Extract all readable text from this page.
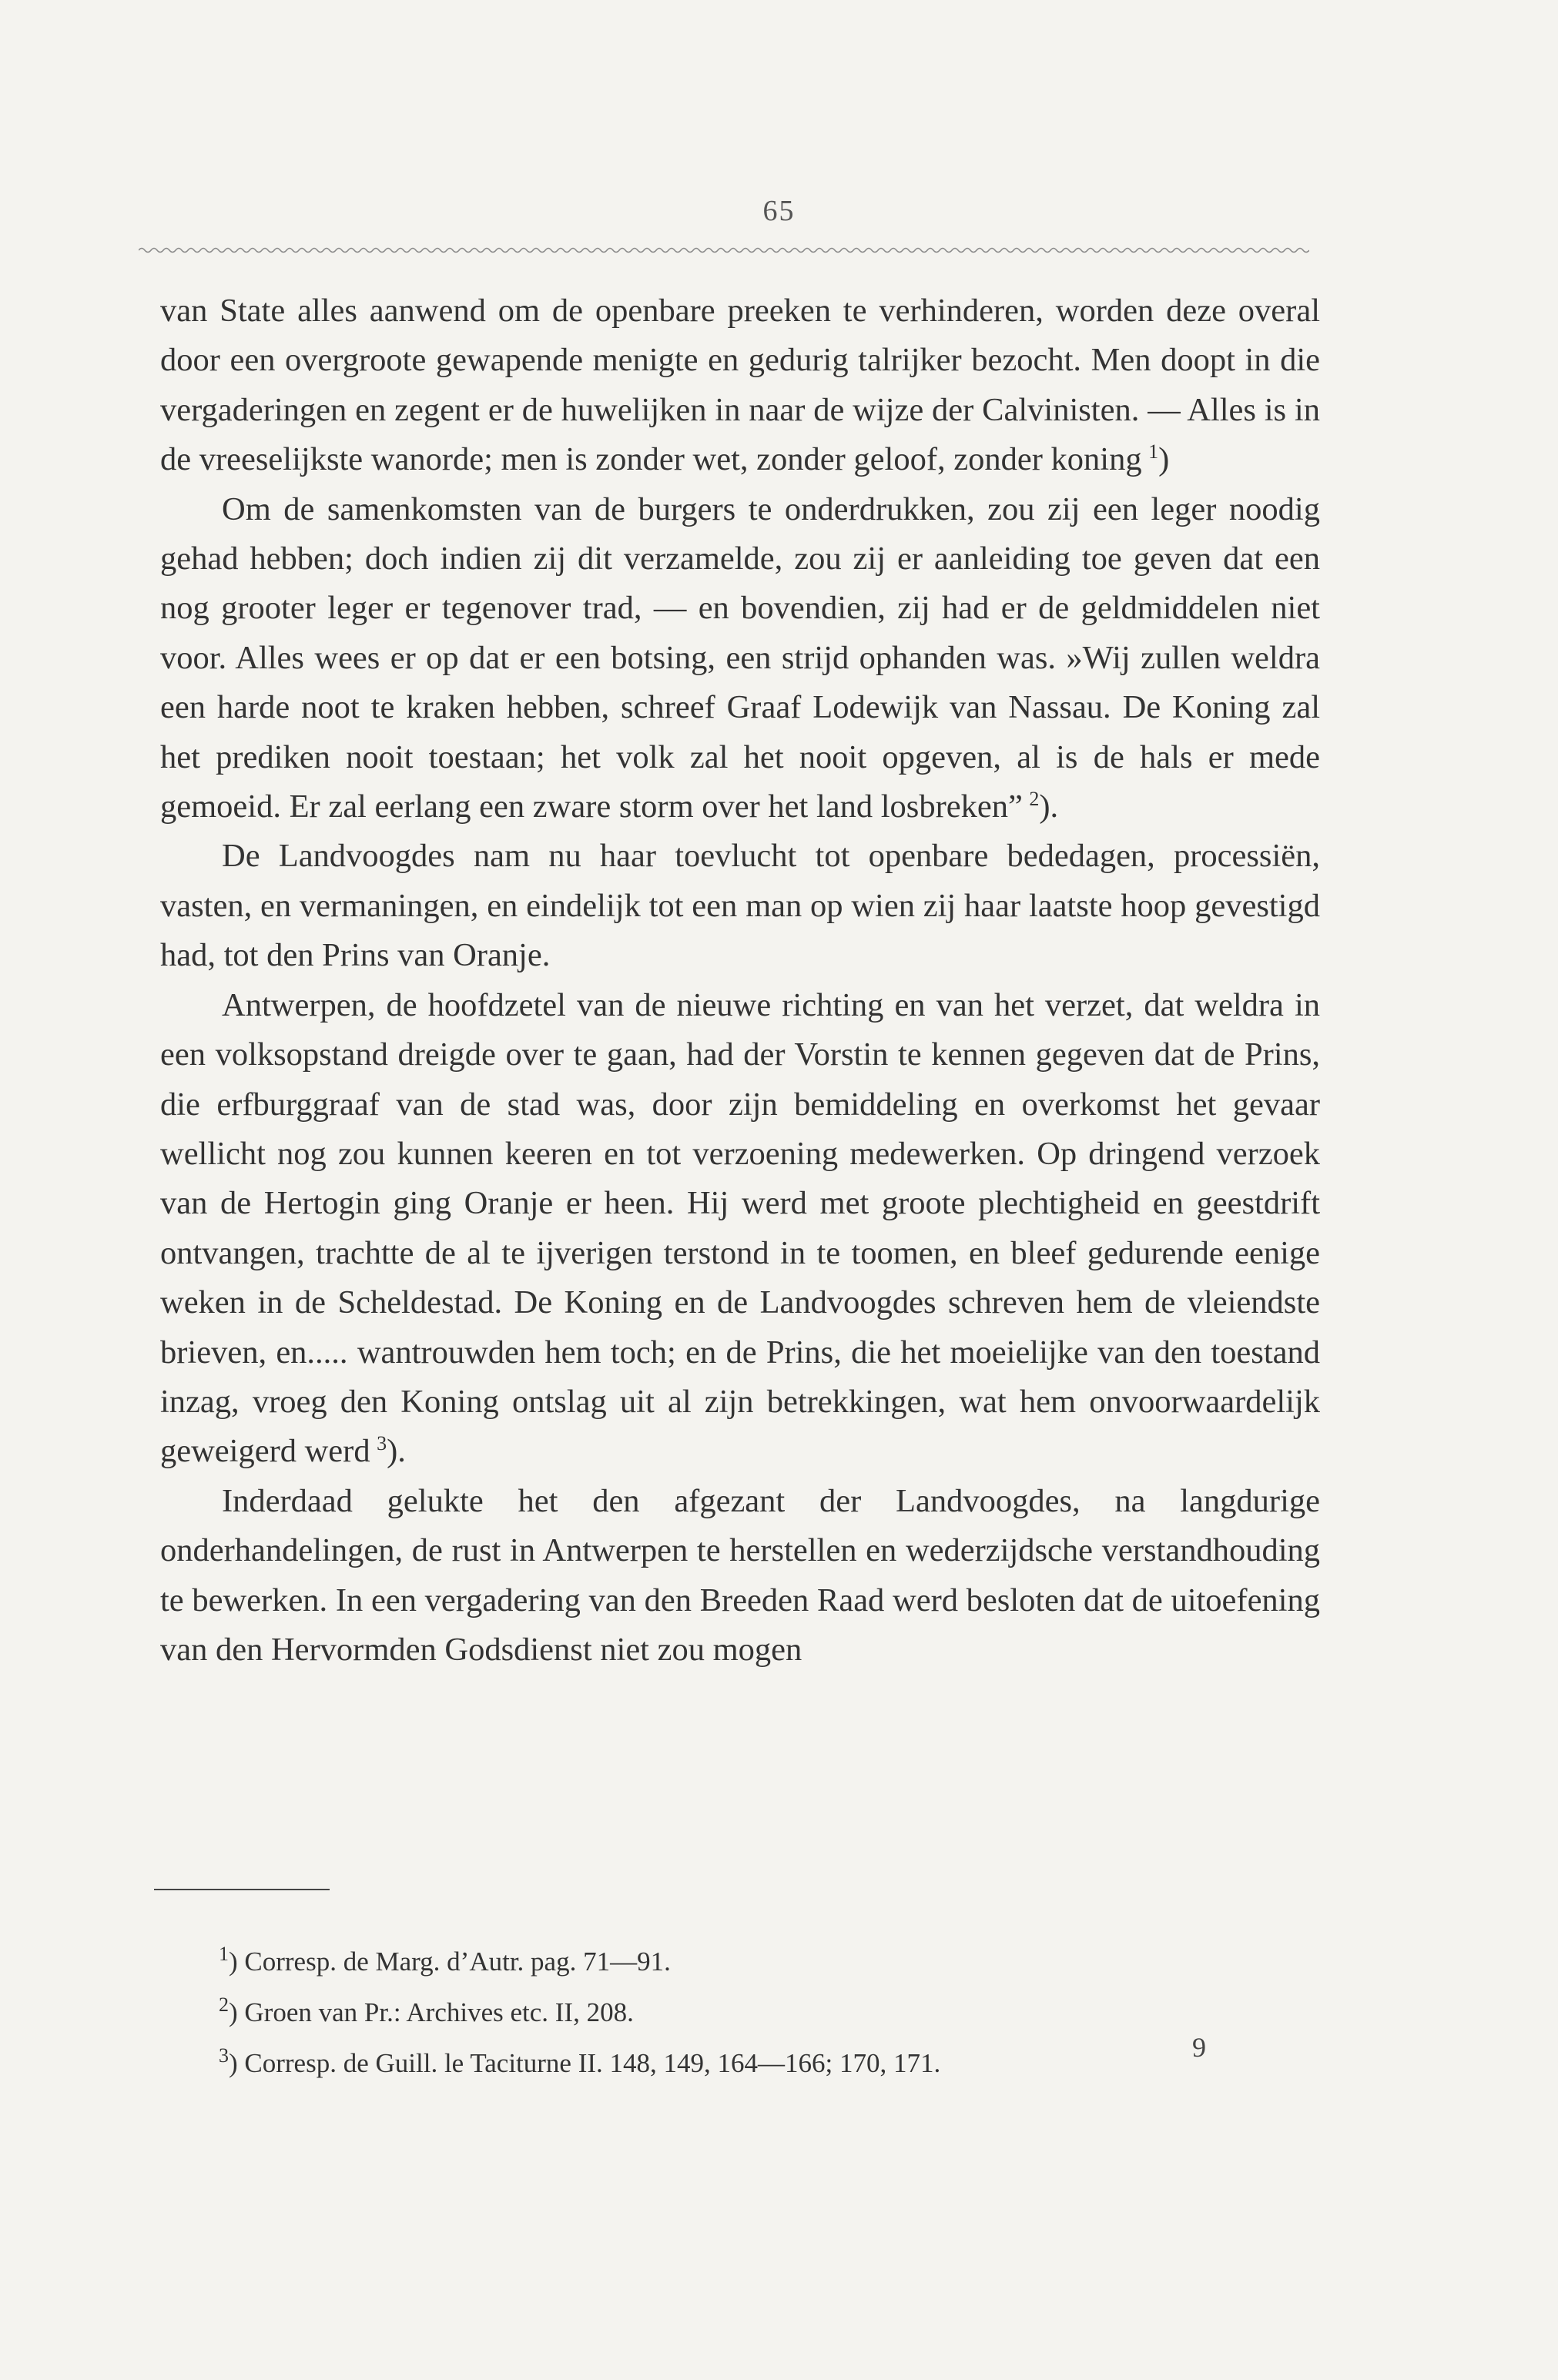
65

van State alles aanwend om de openbare preeken te verhinderen, worden deze overal door een overgroote gewapende menigte en gedurig talrijker bezocht. Men doopt in die vergaderingen en zegent er de huwelijken in naar de wijze der Calvinisten. — Alles is in de vreeselijkste wanorde; men is zonder wet, zonder geloof, zonder koning  $^1$)

Om de samenkomsten van de burgers te onderdrukken, zou zij een leger noodig gehad hebben; doch indien zij dit verzamelde, zou zij er aanleiding toe geven dat een nog grooter leger er tegenover trad, — en bovendien, zij had er de geldmiddelen niet voor. Alles wees er op dat er een botsing, een strijd ophanden was. »Wij zullen weldra een harde noot te kraken hebben, schreef Graaf Lodewijk van Nassau. De Koning zal het prediken nooit toestaan; het volk zal het nooit opgeven, al is de hals er mede gemoeid. Er zal eerlang een zware storm over het land losbreken”  $^2$).

De Landvoogdes nam nu haar toevlucht tot openbare bededagen, processiën, vasten, en vermaningen, en eindelijk tot een man op wien zij haar laatste hoop gevestigd had, tot den Prins van Oranje.

Antwerpen, de hoofdzetel van de nieuwe richting en van het verzet, dat weldra in een volksopstand dreigde over te gaan, had der Vorstin te kennen gegeven dat de Prins, die erfburggraaf van de stad was, door zijn bemiddeling en overkomst het gevaar wellicht nog zou kunnen keeren en tot verzoening medewerken. Op dringend verzoek van de Hertogin ging Oranje er heen. Hij werd met groote plechtigheid en geestdrift ontvangen, trachtte de al te ijverigen terstond in te toomen, en bleef gedurende eenige weken in de Scheldestad. De Koning en de Landvoogdes schreven hem de vleiendste brieven, en..... wantrouwden hem toch; en de Prins, die het moeielijke van den toestand inzag, vroeg den Koning ontslag uit al zijn betrekkingen, wat hem onvoorwaardelijk geweigerd werd  $^3$).

Inderdaad gelukte het den afgezant der Landvoogdes, na langdurige onderhandelingen, de rust in Antwerpen te herstellen en wederzijdsche verstandhouding te bewerken. In een vergadering van den Breeden Raad werd besloten dat de uitoefening van den Hervormden Godsdienst niet zou mogen

$^1$) Corresp. de Marg. d’Autr. pag. 71—91.
$^2$) Groen van Pr.: Archives etc. II, 208.
$^3$) Corresp. de Guill. le Taciturne II. 148, 149, 164—166; 170, 171.
9
